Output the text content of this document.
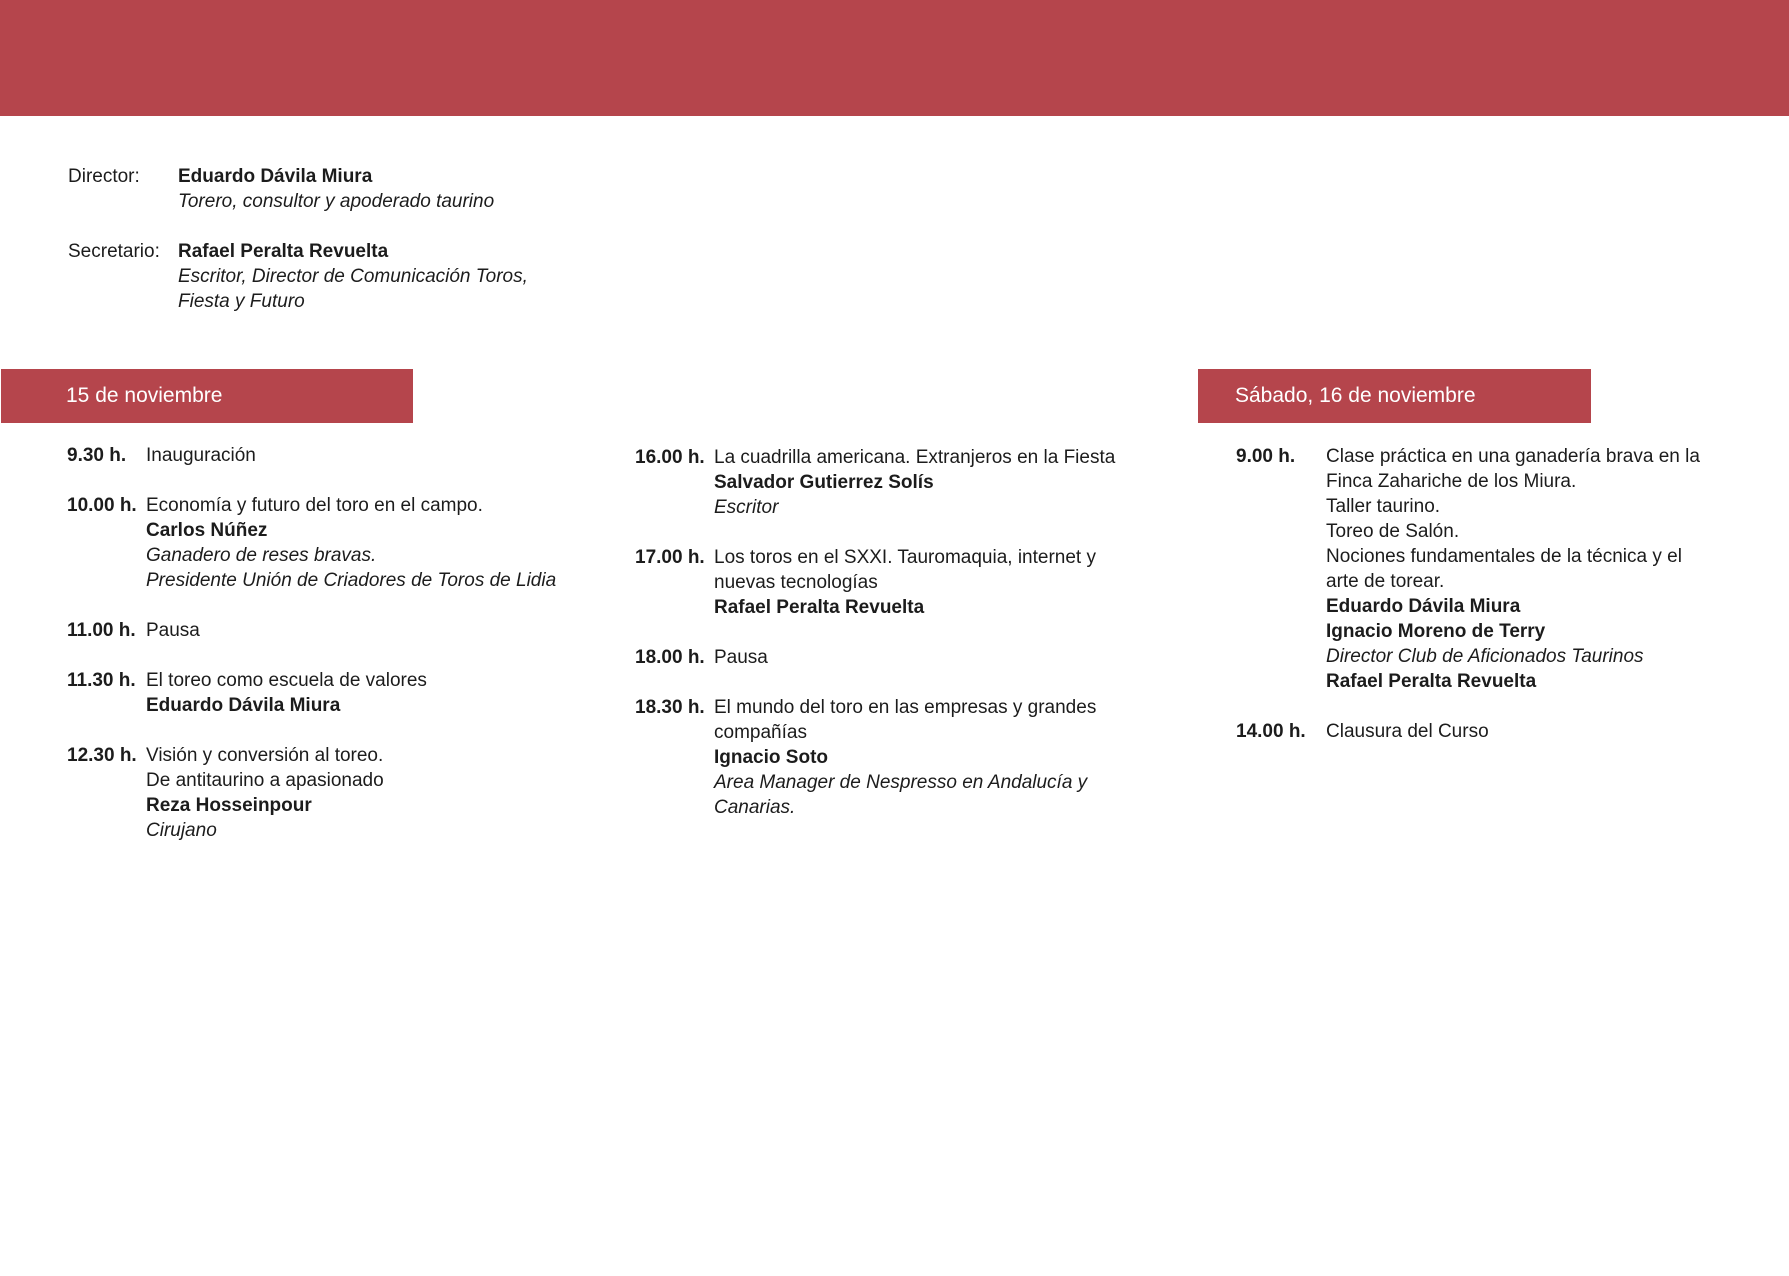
Director:	Eduardo Dávila Miura
Torero, consultor y apoderado taurino
Secretario: Rafael Peralta Revuelta
Escritor, Director de Comunicación Toros,
Fiesta y Futuro
15 de noviembre	Sábado, 16 de noviembre
9.30 h.	Inauguración
10.00 h. Economía y futuro del toro en el campo.
Carlos Núñez
Ganadero de reses bravas.
Presidente Unión de Criadores de Toros de Lidia
11.00 h. Pausa
11.30 h. El toreo como escuela de valores
Eduardo Dávila Miura
12.30 h. Visión y conversión al toreo.
De antitaurino a apasionado
Reza Hosseinpour
Cirujano
16.00 h. La cuadrilla americana. Extranjeros en la Fiesta
Salvador Gutierrez Solís
Escritor
17.00 h. Los toros en el SXXI. Tauromaquia, internet y
nuevas tecnologías
Rafael Peralta Revuelta
18.00 h. Pausa
18.30 h. El mundo del toro en las empresas y grandes
compañías
Ignacio Soto
Area Manager de Nespresso en Andalucía y
Canarias.
9.00 h.	Clase práctica en una ganadería brava en la
Finca Zahariche de los Miura.
Taller taurino.
Toreo de Salón.
Nociones fundamentales de la técnica y el
arte de torear.
Eduardo Dávila Miura
Ignacio Moreno de Terry
Director Club de Aficionados Taurinos
Rafael Peralta Revuelta
14.00 h.	Clausura del Curso
